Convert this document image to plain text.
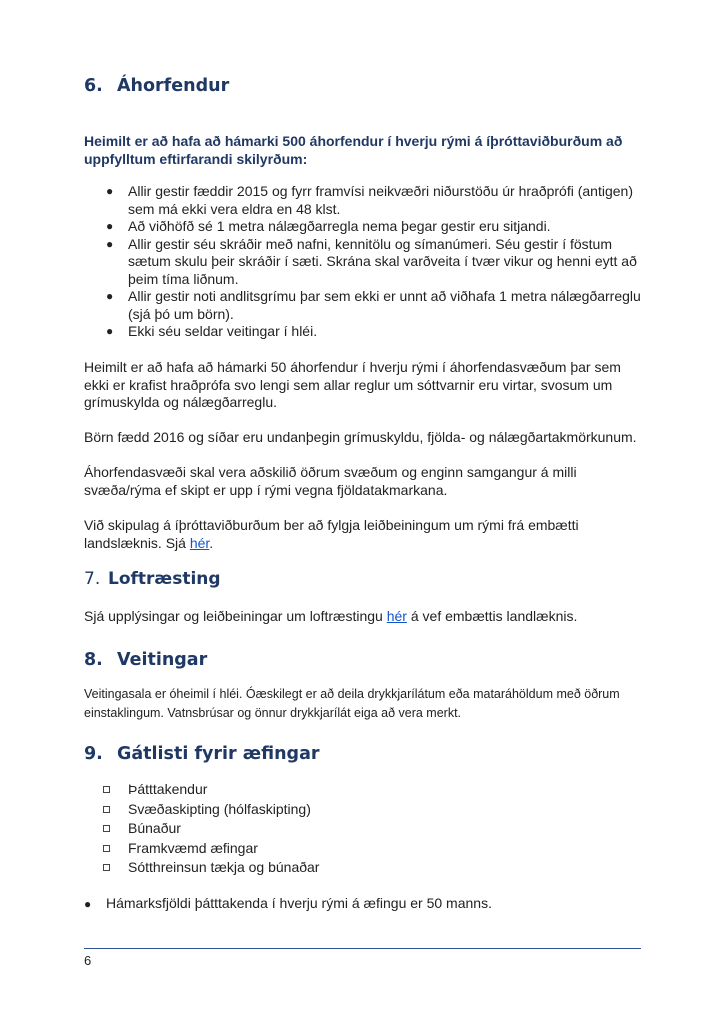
6. Áhorfendur

Heimilt er að hafa að hámarki 500 áhorfendur í hverju rými á íþróttaviðburðum að uppfylltum eftirfarandi skilyrðum:

● Allir gestir fæddir 2015 og fyrr framvísi neikvæðri niðurstöðu úr hraðprófi (antigen) sem má ekki vera eldra en 48 klst.
● Að viðhöfð sé 1 metra nálægðarregla nema þegar gestir eru sitjandi.
● Allir gestir séu skráðir með nafni, kennitölu og símanúmeri. Séu gestir í föstum sætum skulu þeir skráðir í sæti. Skrána skal varðveita í tvær vikur og henni eytt að þeim tíma liðnum.
● Allir gestir noti andlitsgrímu þar sem ekki er unnt að viðhafa 1 metra nálægðarreglu (sjá þó um börn).
● Ekki séu seldar veitingar í hléi.

Heimilt er að hafa að hámarki 50 áhorfendur í hverju rými í áhorfendasvæðum þar sem ekki er krafist hraðprófa svo lengi sem allar reglur um sóttvarnir eru virtar, svosum um grímuskylda og nálægðarreglu.

Börn fædd 2016 og síðar eru undanþegin grímuskyldu, fjölda- og nálægðartakmörkunum.

Áhorfendasvæði skal vera aðskilið öðrum svæðum og enginn samgangur á milli svæða/rýma ef skipt er upp í rými vegna fjöldatakmarkana.

Við skipulag á íþróttaviðburðum ber að fylgja leiðbeiningum um rými frá embætti landslæknis. Sjá hér.

7. Loftræsting

Sjá upplýsingar og leiðbeiningar um loftræstingu hér á vef embættis landlæknis.

8. Veitingar

Veitingasala er óheimil í hléi. Óæskilegt er að deila drykkjarílátum eða mataráhöldum með öðrum einstaklingum. Vatnsbrúsar og önnur drykkjarílát eiga að vera merkt.

9. Gátlisti fyrir æfingar
Þátttakendur
Svæðaskipting (hólfaskipting)
Búnaður
Framkvæmd æfingar
Sótthreinsun tækja og búnaðar

● Hámarksfjöldi þátttakenda í hverju rými á æfingu er 50 manns.

6
